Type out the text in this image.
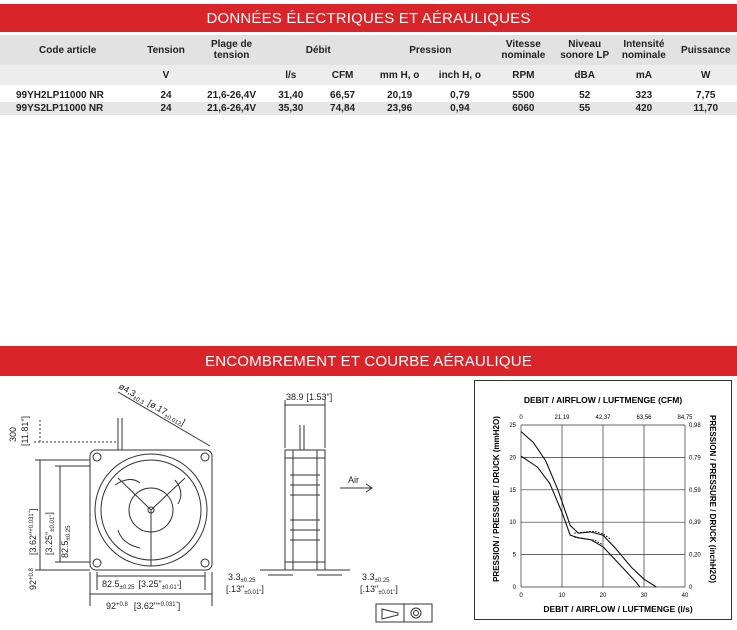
DONNÉES ÉLECTRIQUES ET AÉRAULIQUES
Code article	Tension	Plage de tension	Débit		Pression		Vitesse nominale	Niveau sonore LP	Intensité nominale	Puissance
	V		l/s	CFM	mm H, o	inch H, o	RPM	dBA	mA	W

99YH2LP11000 NR	24	21,6-26,4V	31,40	66,57	20,19	0,79	5500	52	323	7,75
99YS2LP11000 NR	24	21,6-26,4V	35,30	74,84	23,96	0,94	6060	55	420	11,70
ENCOMBREMENT ET COURBE AÉRAULIQUE
$ø4,3_{\pm 0.3}[ø.17_{\pm 0.012}]$
300 [11.81"]
[3.62"$^{+0.031"}$]
$[3.25"_{\pm 0.01"}]$
$92^{+0.8}$
$82.5_{\pm 0.25}$
$82.5_{\pm 0.25}$ $[3.25"_{\pm 0.01"}]$
$92^{+0.8}$ [3.62"$^{+0.031"}$]
38.9 [1.53"]
Air
$3.3_{\pm 0.25}$
$[.13"_{\pm 0.01"}]$
$3.3_{\pm 0.25}$
$[.13"_{\pm 0.01"}]$
DEBIT / AIRFLOW / LUFTMENGE (CFM)
DEBIT / AIRFLOW / LUFTMENGE (l/s)
PRESSION / PRESSURE / DRUCK (mmH2O)	PRESSION / PRESSURE / DRUCK (inchH2O)
0
0
10
21,19
20
42,37
30
63,56
40
84,75
0	0
5	0,20
10	0,39
15	0,59
20	0,79
25	0,98
